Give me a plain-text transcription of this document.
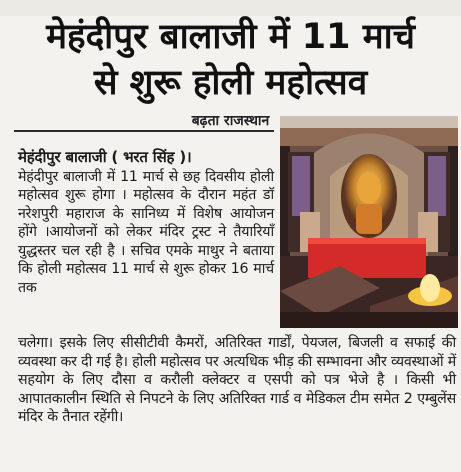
मेहंदीपुर बालाजी में 11 मार्च
से शुरू होली महोत्सव
बढ़ता राजस्थान
मेहंदीपुर बालाजी ( भरत सिंह )।
मेहंदीपुर बालाजी में 11 मार्च से छह दिवसीय होली महोत्सव शुरू होगा । महोत्सव के दौरान महंत डॉ नरेशपुरी महाराज के सानिध्य में विशेष आयोजन होंगे ।आयोजनों को लेकर मंदिर ट्रस्ट ने तैयारियाँ युद्धस्तर चल रही है । सचिव एमके माथुर ने बताया कि होली महोत्सव 11 मार्च से शुरू होकर 16 मार्च तक
चलेगा। इसके लिए सीसीटीवी कैमरों, अतिरिक्त गार्डों, पेयजल, बिजली व सफाई की व्यवस्था कर दी गई है। होली महोत्सव पर अत्यधिक भीड़ की सम्भावना और व्यवस्थाओं में सहयोग के लिए दौसा व करौली क्लेक्टर व एसपी को पत्र भेजे है । किसी भी आपातकालीन स्थिति से निपटने के लिए अतिरिक्त गार्ड व मेडिकल टीम समेत 2 एम्बुलेंस मंदिर के तैनात रहेंगी।
